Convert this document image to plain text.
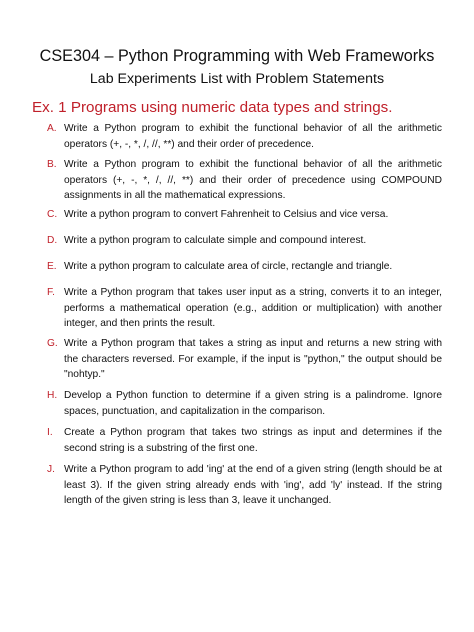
CSE304 – Python Programming with Web Frameworks
Lab Experiments List with Problem Statements
Ex. 1 Programs using numeric data types and strings.
A. Write a Python program to exhibit the functional behavior of all the arithmetic operators (+, -, *, /, //, **) and their order of precedence.
B. Write a Python program to exhibit the functional behavior of all the arithmetic operators (+, -, *, /, //, **) and their order of precedence using COMPOUND assignments in all the mathematical expressions.
C. Write a python program to convert Fahrenheit to Celsius and vice versa.
D. Write a python program to calculate simple and compound interest.
E. Write a python program to calculate area of circle, rectangle and triangle.
F. Write a Python program that takes user input as a string, converts it to an integer, performs a mathematical operation (e.g., addition or multiplication) with another integer, and then prints the result.
G. Write a Python program that takes a string as input and returns a new string with the characters reversed. For example, if the input is "python," the output should be "nohtyp."
H. Develop a Python function to determine if a given string is a palindrome. Ignore spaces, punctuation, and capitalization in the comparison.
I. Create a Python program that takes two strings as input and determines if the second string is a substring of the first one.
J. Write a Python program to add 'ing' at the end of a given string (length should be at least 3). If the given string already ends with 'ing', add 'ly' instead. If the string length of the given string is less than 3, leave it unchanged.
